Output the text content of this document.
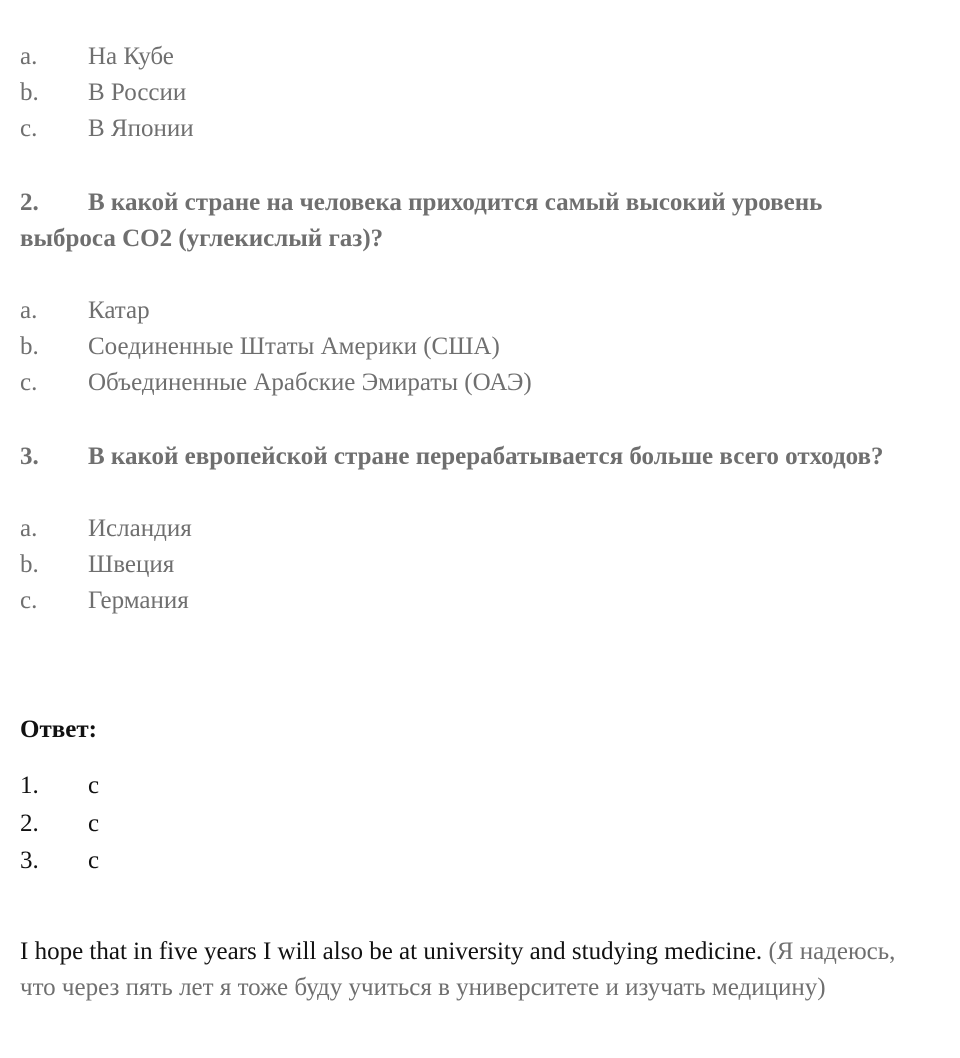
a. На Кубе
b. В России
c. В Японии
2. В какой стране на человека приходится самый высокий уровень выброса СО2 (углекислый газ)?
a. Катар
b. Соединенные Штаты Америки (США)
c. Объединенные Арабские Эмираты (ОАЭ)
3. В какой европейской стране перерабатывается больше всего отходов?
a. Исландия
b. Швеция
c. Германия
Ответ:
1. c
2. c
3. c
I hope that in five years I will also be at university and studying medicine. (Я надеюсь, что через пять лет я тоже буду учиться в университете и изучать медицину)
